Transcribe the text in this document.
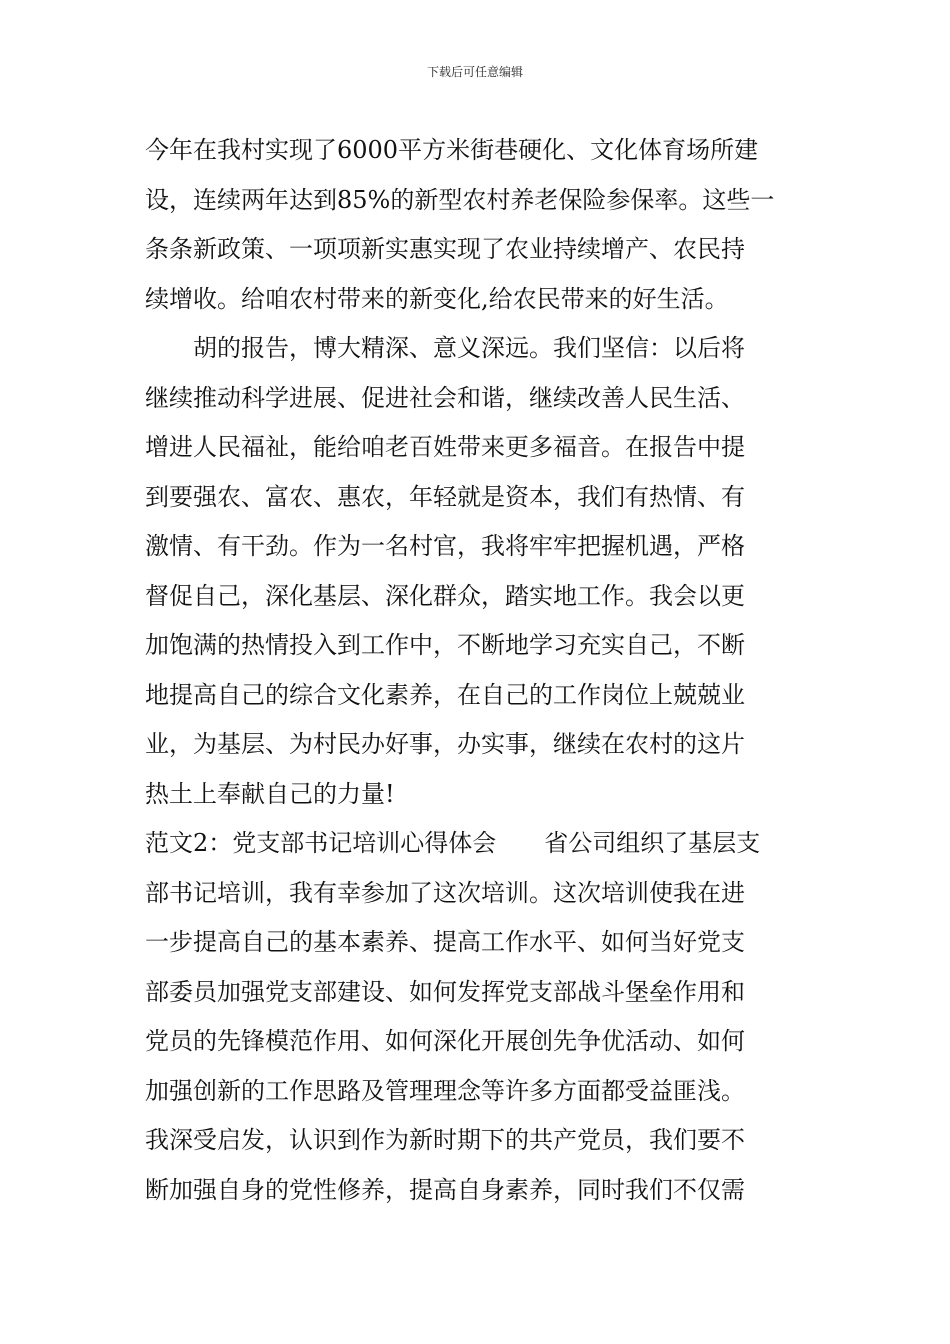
下载后可任意编辑
今年在我村实现了6000平方米街巷硬化、文化体育场所建
设，连续两年达到85%的新型农村养老保险参保率。这些一
条条新政策、一项项新实惠实现了农业持续增产、农民持
续增收。给咱农村带来的新变化,给农民带来的好生活。
胡的报告，博大精深、意义深远。我们坚信：以后将
继续推动科学进展、促进社会和谐，继续改善人民生活、
增进人民福祉，能给咱老百姓带来更多福音。在报告中提
到要强农、富农、惠农，年轻就是资本，我们有热情、有
激情、有干劲。作为一名村官，我将牢牢把握机遇，严格
督促自己，深化基层、深化群众，踏实地工作。我会以更
加饱满的热情投入到工作中，不断地学习充实自己，不断
地提高自己的综合文化素养，在自己的工作岗位上兢兢业
业，为基层、为村民办好事，办实事，继续在农村的这片
热土上奉献自己的力量!
范文2：党支部书记培训心得体会　　省公司组织了基层支
部书记培训，我有幸参加了这次培训。这次培训使我在进
一步提高自己的基本素养、提高工作水平、如何当好党支
部委员加强党支部建设、如何发挥党支部战斗堡垒作用和
党员的先锋模范作用、如何深化开展创先争优活动、如何
加强创新的工作思路及管理理念等许多方面都受益匪浅。
我深受启发，认识到作为新时期下的共产党员，我们要不
断加强自身的党性修养，提高自身素养，同时我们不仅需
